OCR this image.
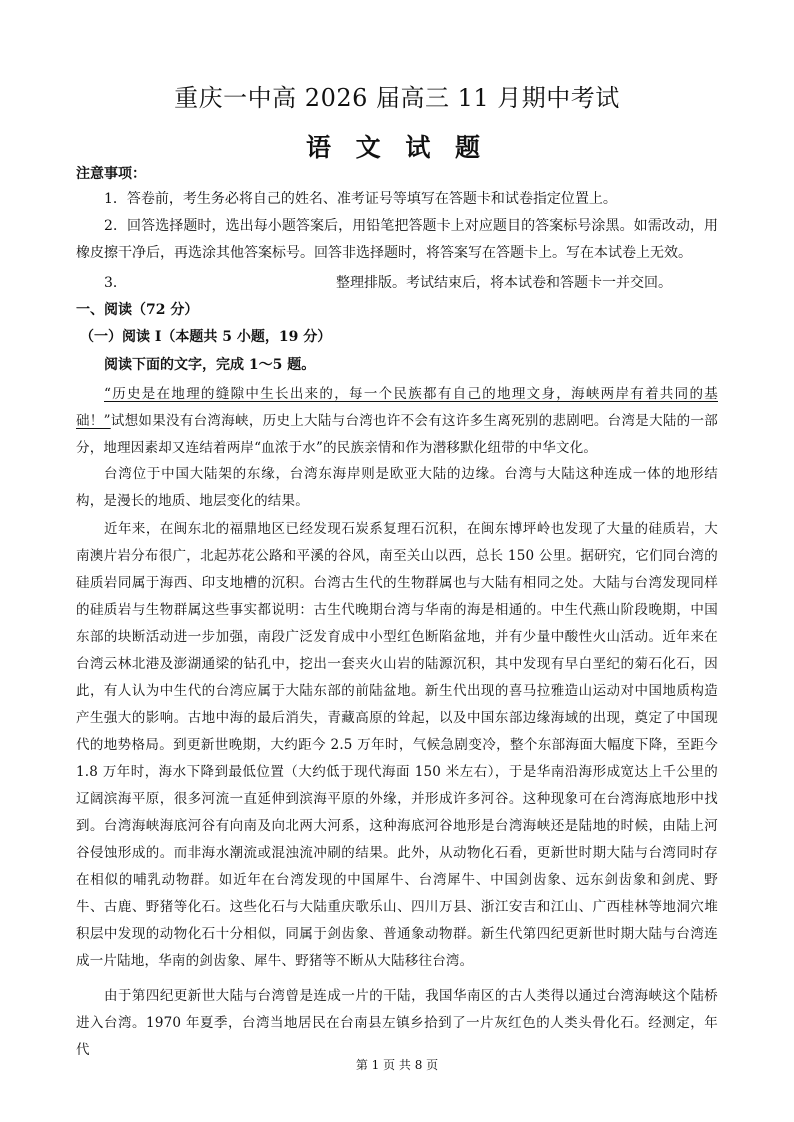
重庆一中高 2026 届高三 11 月期中考试
语 文 试 题
注意事项：

1．答卷前，考生务必将自己的姓名、准考证号等填写在答题卡和试卷指定位置上。

2．回答选择题时，选出每小题答案后，用铅笔把答题卡上对应题目的答案标号涂黑。如需改动，用橡皮擦干净后，再选涂其他答案标号。回答非选择题时，将答案写在答题卡上。写在本试卷上无效。

3．	整理排版。考试结束后，将本试卷和答题卡一并交回。
一、阅读（72 分）
（一）阅读 I（本题共 5 小题，19 分）
阅读下面的文字，完成 1～5 题。

“历史是在地理的缝隙中生长出来的，每一个民族都有自己的地理文身，海峡两岸有着共同的基础！”试想如果没有台湾海峡，历史上大陆与台湾也许不会有这许多生离死别的悲剧吧。台湾是大陆的一部分，地理因素却又连结着两岸“血浓于水”的民族亲情和作为潜移默化纽带的中华文化。

台湾位于中国大陆架的东缘，台湾东海岸则是欧亚大陆的边缘。台湾与大陆这种连成一体的地形结构，是漫长的地质、地层变化的结果。

近年来，在闽东北的福鼎地区已经发现石炭系复理石沉积，在闽东博坪岭也发现了大量的硅质岩，大南澳片岩分布很广，北起苏花公路和平溪的谷风，南至关山以西，总长 150 公里。据研究，它们同台湾的硅质岩同属于海西、印支地槽的沉积。台湾古生代的生物群属也与大陆有相同之处。大陆与台湾发现同样的硅质岩与生物群属这些事实都说明：古生代晚期台湾与华南的海是相通的。中生代燕山阶段晚期，中国东部的块断活动进一步加强，南段广泛发育成中小型红色断陷盆地，并有少量中酸性火山活动。近年来在台湾云林北港及澎湖通梁的钻孔中，挖出一套夹火山岩的陆源沉积，其中发现有早白垩纪的菊石化石，因此，有人认为中生代的台湾应属于大陆东部的前陆盆地。新生代出现的喜马拉雅造山运动对中国地质构造产生强大的影响。古地中海的最后消失，青藏高原的耸起，以及中国东部边缘海域的出现，奠定了中国现代的地势格局。到更新世晚期，大约距今 2.5 万年时，气候急剧变冷，整个东部海面大幅度下降，至距今 1.8 万年时，海水下降到最低位置（大约低于现代海面 150 米左右），于是华南沿海形成宽达上千公里的辽阔滨海平原，很多河流一直延伸到滨海平原的外缘，并形成许多河谷。这种现象可在台湾海底地形中找到。台湾海峡海底河谷有向南及向北两大河系，这种海底河谷地形是台湾海峡还是陆地的时候，由陆上河谷侵蚀形成的。而非海水潮流或混浊流冲刷的结果。此外，从动物化石看，更新世时期大陆与台湾同时存在相似的哺乳动物群。如近年在台湾发现的中国犀牛、台湾犀牛、中国剑齿象、远东剑齿象和剑虎、野牛、古鹿、野猪等化石。这些化石与大陆重庆歌乐山、四川万县、浙江安吉和江山、广西桂林等地洞穴堆积层中发现的动物化石十分相似，同属于剑齿象、普通象动物群。新生代第四纪更新世时期大陆与台湾连成一片陆地，华南的剑齿象、犀牛、野猪等不断从大陆移往台湾。

由于第四纪更新世大陆与台湾曾是连成一片的干陆，我国华南区的古人类得以通过台湾海峡这个陆桥进入台湾。1970 年夏季，台湾当地居民在台南县左镇乡拾到了一片灰红色的人类头骨化石。经测定，年代

第 1 页 共 8 页
